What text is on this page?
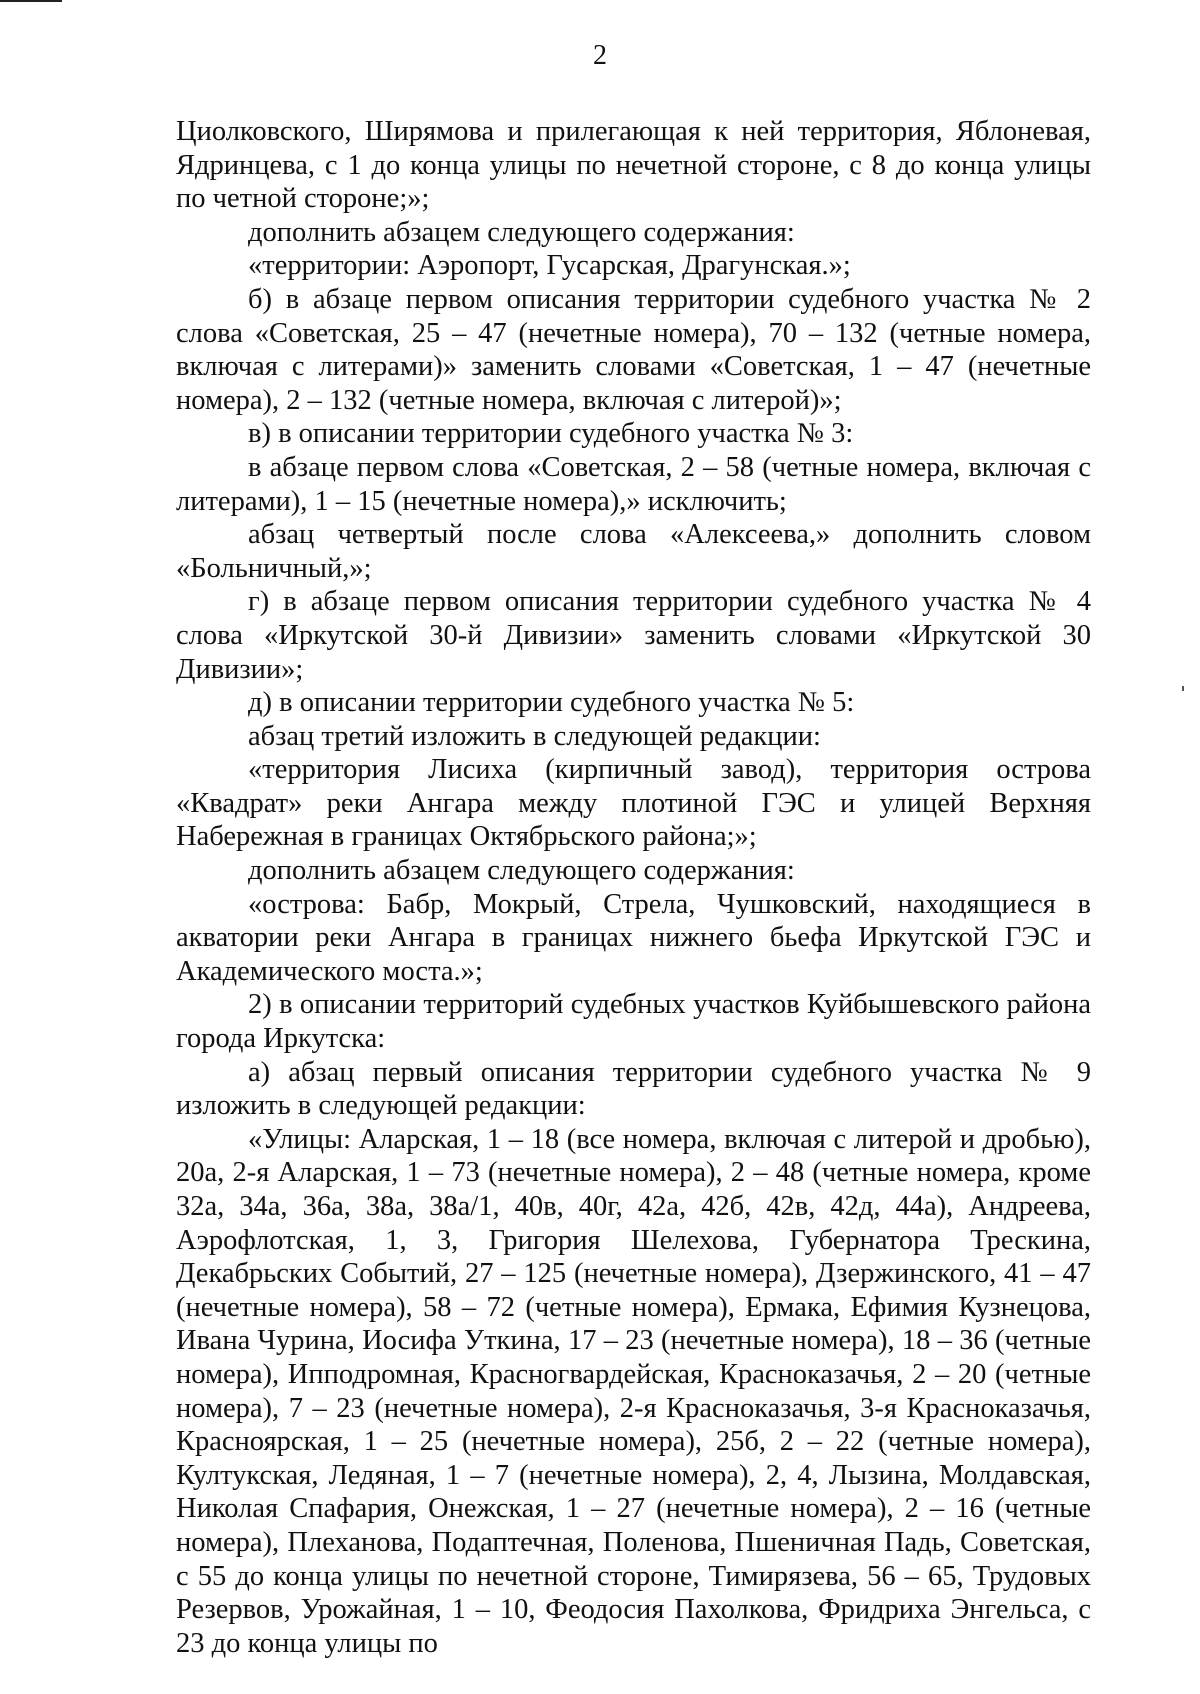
2

Циолковского, Ширямова и прилегающая к ней территория, Яблоневая, Ядринцева, с 1 до конца улицы по нечетной стороне, с 8 до конца улицы по четной стороне;»;

дополнить абзацем следующего содержания:

«территории: Аэропорт, Гусарская, Драгунская.»;

б) в абзаце первом описания территории судебного участка № 2 слова «Советская, 25 – 47 (нечетные номера), 70 – 132 (четные номера, включая с литерами)» заменить словами «Советская, 1 – 47 (нечетные номера), 2 – 132 (четные номера, включая с литерой)»;

в) в описании территории судебного участка № 3:

в абзаце первом слова «Советская, 2 – 58 (четные номера, включая с литерами), 1 – 15 (нечетные номера),» исключить;

абзац четвертый после слова «Алексеева,» дополнить словом «Больничный,»;

г) в абзаце первом описания территории судебного участка № 4 слова «Иркутской 30-й Дивизии» заменить словами «Иркутской 30 Дивизии»;

д) в описании территории судебного участка № 5:

абзац третий изложить в следующей редакции:

«территория Лисиха (кирпичный завод), территория острова «Квадрат» реки Ангара между плотиной ГЭС и улицей Верхняя Набережная в границах Октябрьского района;»;

дополнить абзацем следующего содержания:

«острова: Бабр, Мокрый, Стрела, Чушковский, находящиеся в акватории реки Ангара в границах нижнего бьефа Иркутской ГЭС и Академического моста.»;

2) в описании территорий судебных участков Куйбышевского района города Иркутска:

а) абзац первый описания территории судебного участка № 9 изложить в следующей редакции:

«Улицы: Аларская, 1 – 18 (все номера, включая с литерой и дробью), 20а, 2-я Аларская, 1 – 73 (нечетные номера), 2 – 48 (четные номера, кроме 32а, 34а, 36а, 38а, 38а/1, 40в, 40г, 42а, 42б, 42в, 42д, 44а), Андреева, Аэрофлотская, 1, 3, Григория Шелехова, Губернатора Трескина, Декабрьских Событий, 27 – 125 (нечетные номера), Дзержинского, 41 – 47 (нечетные номера), 58 – 72 (четные номера), Ермака, Ефимия Кузнецова, Ивана Чурина, Иосифа Уткина, 17 – 23 (нечетные номера), 18 – 36 (четные номера), Ипподромная, Красногвардейская, Красноказачья, 2 – 20 (четные номера), 7 – 23 (нечетные номера), 2-я Красноказачья, 3-я Красноказачья, Красноярская, 1 – 25 (нечетные номера), 25б, 2 – 22 (четные номера), Култукская, Ледяная, 1 – 7 (нечетные номера), 2, 4, Лызина, Молдавская, Николая Спафария, Онежская, 1 – 27 (нечетные номера), 2 – 16 (четные номера), Плеханова, Подаптечная, Поленова, Пшеничная Падь, Советская, с 55 до конца улицы по нечетной стороне, Тимирязева, 56 – 65, Трудовых Резервов, Урожайная, 1 – 10, Феодосия Пахолкова, Фридриха Энгельса, с 23 до конца улицы по
